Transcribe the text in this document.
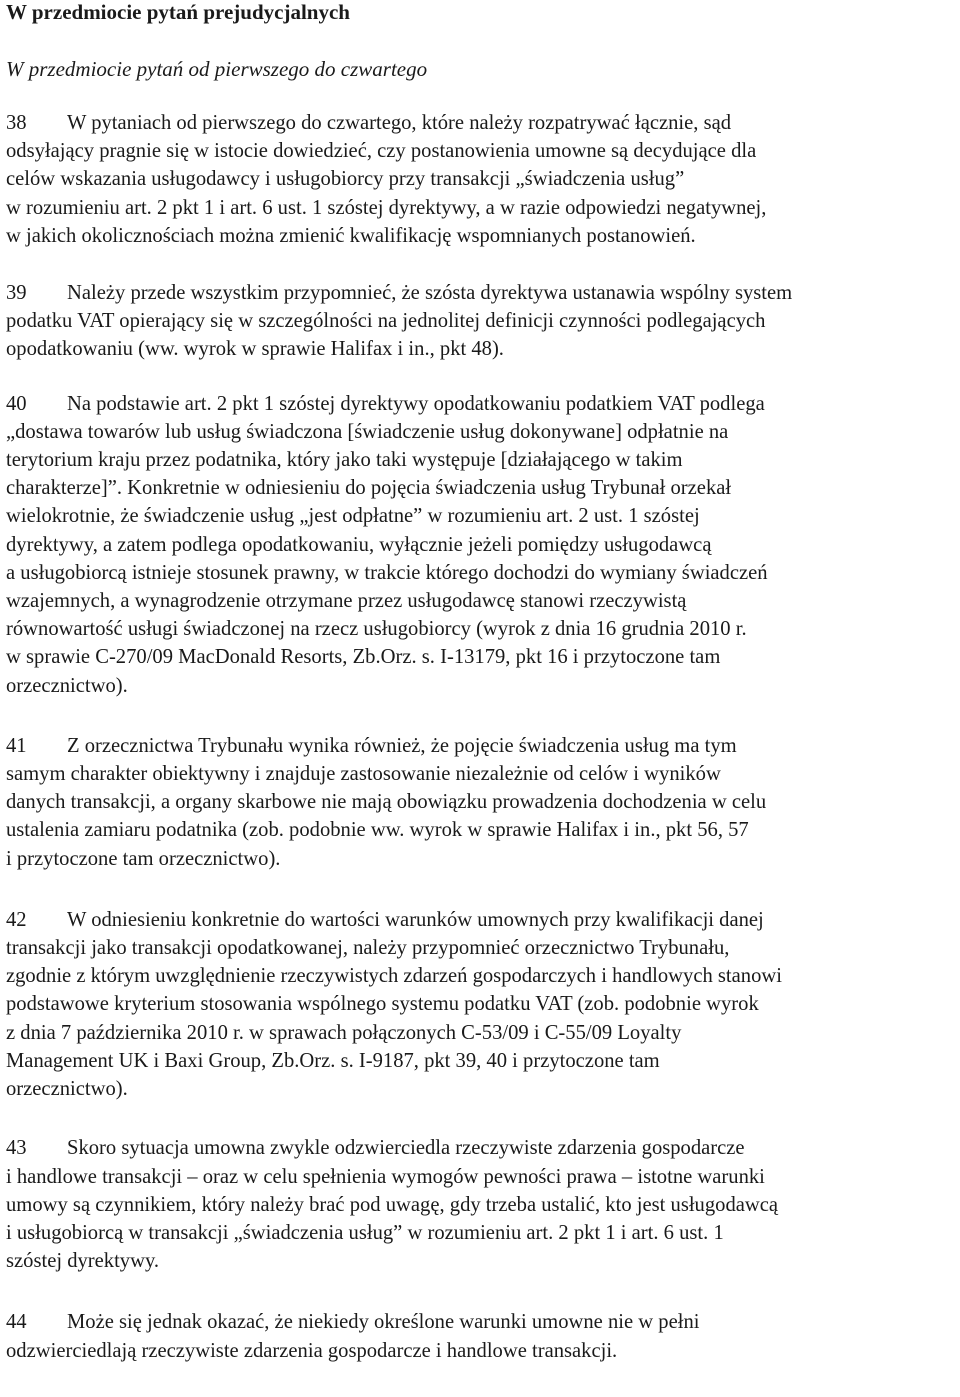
W przedmiocie pytań prejudycjalnych

W przedmiocie pytań od pierwszego do czwartego

38 W pytaniach od pierwszego do czwartego, które należy rozpatrywać łącznie, sąd
odsyłający pragnie się w istocie dowiedzieć, czy postanowienia umowne są decydujące dla
celów wskazania usługodawcy i usługobiorcy przy transakcji „świadczenia usług”
w rozumieniu art. 2 pkt 1 i art. 6 ust. 1 szóstej dyrektywy, a w razie odpowiedzi negatywnej,
w jakich okolicznościach można zmienić kwalifikację wspomnianych postanowień.
39 Należy przede wszystkim przypomnieć, że szósta dyrektywa ustanawia wspólny system
podatku VAT opierający się w szczególności na jednolitej definicji czynności podlegających
opodatkowaniu (ww. wyrok w sprawie Halifax i in., pkt 48).
40 Na podstawie art. 2 pkt 1 szóstej dyrektywy opodatkowaniu podatkiem VAT podlega
„dostawa towarów lub usług świadczona [świadczenie usług dokonywane] odpłatnie na
terytorium kraju przez podatnika, który jako taki występuje [działającego w takim
charakterze]”. Konkretnie w odniesieniu do pojęcia świadczenia usług Trybunał orzekał
wielokrotnie, że świadczenie usług „jest odpłatne” w rozumieniu art. 2 ust. 1 szóstej
dyrektywy, a zatem podlega opodatkowaniu, wyłącznie jeżeli pomiędzy usługodawcą
a usługobiorcą istnieje stosunek prawny, w trakcie którego dochodzi do wymiany świadczeń
wzajemnych, a wynagrodzenie otrzymane przez usługodawcę stanowi rzeczywistą
równowartość usługi świadczonej na rzecz usługobiorcy (wyrok z dnia 16 grudnia 2010 r.
w sprawie C-270/09 MacDonald Resorts, Zb.Orz. s. I-13179, pkt 16 i przytoczone tam
orzecznictwo).
41 Z orzecznictwa Trybunału wynika również, że pojęcie świadczenia usług ma tym
samym charakter obiektywny i znajduje zastosowanie niezależnie od celów i wyników
danych transakcji, a organy skarbowe nie mają obowiązku prowadzenia dochodzenia w celu
ustalenia zamiaru podatnika (zob. podobnie ww. wyrok w sprawie Halifax i in., pkt 56, 57
i przytoczone tam orzecznictwo).
42 W odniesieniu konkretnie do wartości warunków umownych przy kwalifikacji danej
transakcji jako transakcji opodatkowanej, należy przypomnieć orzecznictwo Trybunału,
zgodnie z którym uwzględnienie rzeczywistych zdarzeń gospodarczych i handlowych stanowi
podstawowe kryterium stosowania wspólnego systemu podatku VAT (zob. podobnie wyrok
z dnia 7 października 2010 r. w sprawach połączonych C-53/09 i C-55/09 Loyalty
Management UK i Baxi Group, Zb.Orz. s. I-9187, pkt 39, 40 i przytoczone tam
orzecznictwo).
43 Skoro sytuacja umowna zwykle odzwierciedla rzeczywiste zdarzenia gospodarcze
i handlowe transakcji – oraz w celu spełnienia wymogów pewności prawa – istotne warunki
umowy są czynnikiem, który należy brać pod uwagę, gdy trzeba ustalić, kto jest usługodawcą
i usługobiorcą w transakcji „świadczenia usług” w rozumieniu art. 2 pkt 1 i art. 6 ust. 1
szóstej dyrektywy.
44 Może się jednak okazać, że niekiedy określone warunki umowne nie w pełni
odzwierciedlają rzeczywiste zdarzenia gospodarcze i handlowe transakcji.
